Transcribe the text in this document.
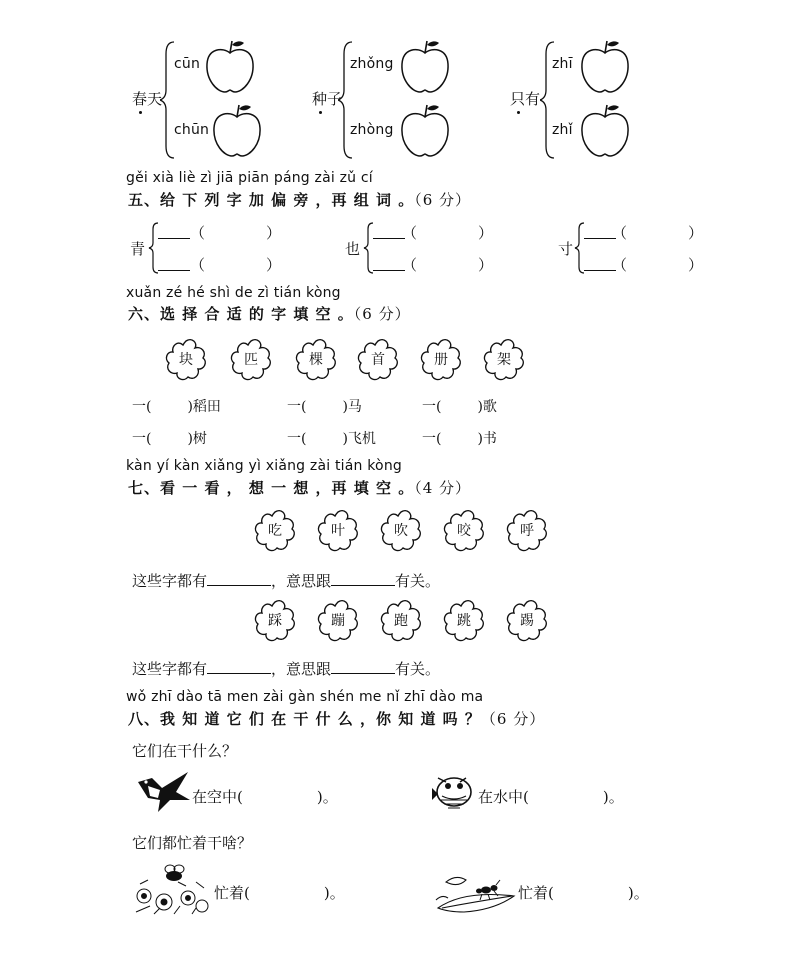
春天
cūn
chūn
种子
zhǒng
zhòng
只有
zhī
zhǐ
gěi xià liè zì jiā piān páng zài zǔ cí
五、给 下 列 字 加 偏 旁 ，再 组 词 。（6 分）
青
（	）
（	）
也
（	）
（	）
寸
（	）
（	）
xuǎn zé hé shì de zì tián kòng
六、选 择 合 适 的 字 填 空 。（6 分）
块	匹	棵	首	册	架
一(	)稻田	一(	)马	一(	)歌
一(	)树	一(	)飞机	一(	)书
kàn yí kàn xiǎng yì xiǎng zài tián kòng
七、看 一 看 ， 想 一 想 ，再 填 空 。（4 分）
吃	叶	吹	咬	呼
这些字都有	，意思跟	有关。
踩	蹦	跑	跳	踢
这些字都有	，意思跟	有关。
wǒ zhī dào tā men zài gàn shén me nǐ zhī dào ma
八、我 知 道 它 们 在 干 什 么 ，你 知 道 吗 ？（6 分）
它们在干什么？
在空中(	)。	在水中(	)。
它们都忙着干啥？
忙着(	)。	忙着(	)。
